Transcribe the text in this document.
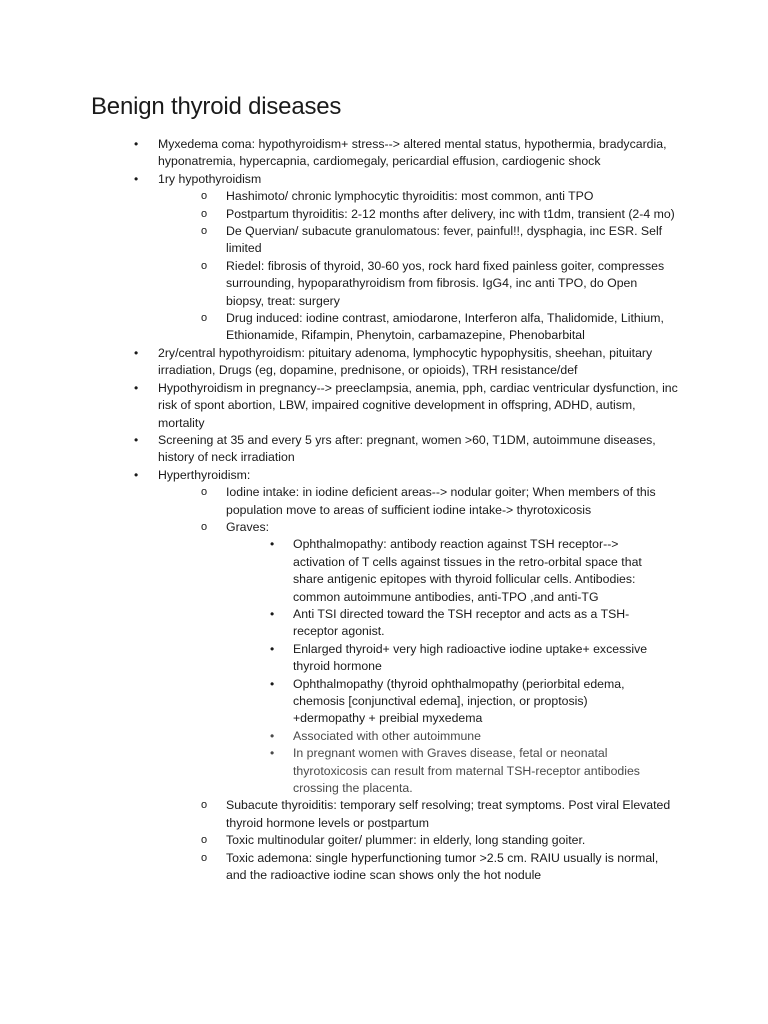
Benign thyroid diseases
• Myxedema coma: hypothyroidism+ stress--> altered mental status, hypothermia, bradycardia, hyponatremia, hypercapnia, cardiomegaly, pericardial effusion, cardiogenic shock
• 1ry hypothyroidism
o Hashimoto/ chronic lymphocytic thyroiditis: most common, anti TPO
o Postpartum thyroiditis: 2-12 months after delivery, inc with t1dm, transient (2-4 mo)
o De Quervian/ subacute granulomatous: fever, painful!!, dysphagia, inc ESR. Self limited
o Riedel: fibrosis of thyroid, 30-60 yos, rock hard fixed painless goiter, compresses surrounding, hypoparathyroidism from fibrosis. IgG4, inc anti TPO, do Open biopsy, treat: surgery
o Drug induced: iodine contrast, amiodarone, Interferon alfa, Thalidomide, Lithium, Ethionamide, Rifampin, Phenytoin, carbamazepine, Phenobarbital
• 2ry/central hypothyroidism: pituitary adenoma, lymphocytic hypophysitis, sheehan, pituitary irradiation, Drugs (eg, dopamine, prednisone, or opioids), TRH resistance/def
• Hypothyroidism in pregnancy--> preeclampsia, anemia, pph, cardiac ventricular dysfunction, inc risk of spont abortion, LBW, impaired cognitive development in offspring, ADHD, autism, mortality
• Screening at 35 and every 5 yrs after: pregnant, women >60, T1DM, autoimmune diseases, history of neck irradiation
• Hyperthyroidism:
o Iodine intake: in iodine deficient areas--> nodular goiter; When members of this population move to areas of sufficient iodine intake-> thyrotoxicosis
o Graves:
• Ophthalmopathy: antibody reaction against TSH receptor--> activation of T cells against tissues in the retro-orbital space that share antigenic epitopes with thyroid follicular cells. Antibodies: common autoimmune antibodies, anti-TPO ,and anti-TG
• Anti TSI directed toward the TSH receptor and acts as a TSH-receptor agonist.
• Enlarged thyroid+ very high radioactive iodine uptake+ excessive thyroid hormone
• Ophthalmopathy (thyroid ophthalmopathy (periorbital edema, chemosis [conjunctival edema], injection, or proptosis) +dermopathy + preibial myxedema
• Associated with other autoimmune
• In pregnant women with Graves disease, fetal or neonatal thyrotoxicosis can result from maternal TSH-receptor antibodies crossing the placenta.
o Subacute thyroiditis: temporary self resolving; treat symptoms. Post viral Elevated thyroid hormone levels or postpartum
o Toxic multinodular goiter/ plummer: in elderly, long standing goiter.
o Toxic ademona: single hyperfunctioning tumor >2.5 cm. RAIU usually is normal, and the radioactive iodine scan shows only the hot nodule
